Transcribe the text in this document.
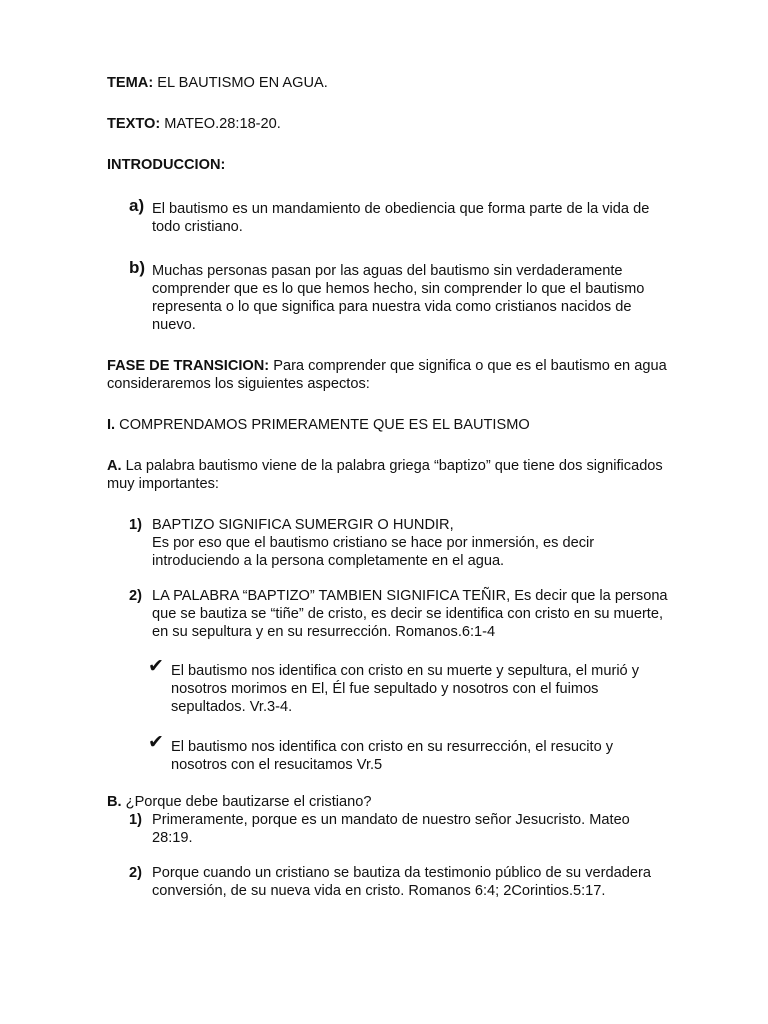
TEMA: EL BAUTISMO EN AGUA.
TEXTO: MATEO.28:18-20.
INTRODUCCION:
a) El bautismo es un mandamiento de obediencia que forma parte de la vida de todo cristiano.
b) Muchas personas pasan por las aguas del bautismo sin verdaderamente comprender que es lo que hemos hecho, sin comprender lo que el bautismo representa o lo que significa para nuestra vida como cristianos nacidos de nuevo.
FASE DE TRANSICION: Para comprender que significa o que es el bautismo en agua consideraremos los siguientes aspectos:
I. COMPRENDAMOS PRIMERAMENTE QUE ES EL BAUTISMO
A. La palabra bautismo viene de la palabra griega “baptizo” que tiene dos significados muy importantes:
1) BAPTIZO SIGNIFICA SUMERGIR O HUNDIR,
Es por eso que el bautismo cristiano se hace por inmersión, es decir introduciendo a la persona completamente en el agua.
2) LA PALABRA “BAPTIZO” TAMBIEN SIGNIFICA TEÑIR, Es decir que la persona que se bautiza se “tiñe” de cristo, es decir se identifica con cristo en su muerte, en su sepultura y en su resurrección. Romanos.6:1-4
✔ El bautismo nos identifica con cristo en su muerte y sepultura, el murió y nosotros morimos en El, Él fue sepultado y nosotros con el fuimos sepultados. Vr.3-4.
✔ El bautismo nos identifica con cristo en su resurrección, el resucito y nosotros con el resucitamos Vr.5
B. ¿Porque debe bautizarse el cristiano?
1) Primeramente, porque es un mandato de nuestro señor Jesucristo. Mateo 28:19.
2) Porque cuando un cristiano se bautiza da testimonio público de su verdadera conversión, de su nueva vida en cristo. Romanos 6:4; 2Corintios.5:17.
